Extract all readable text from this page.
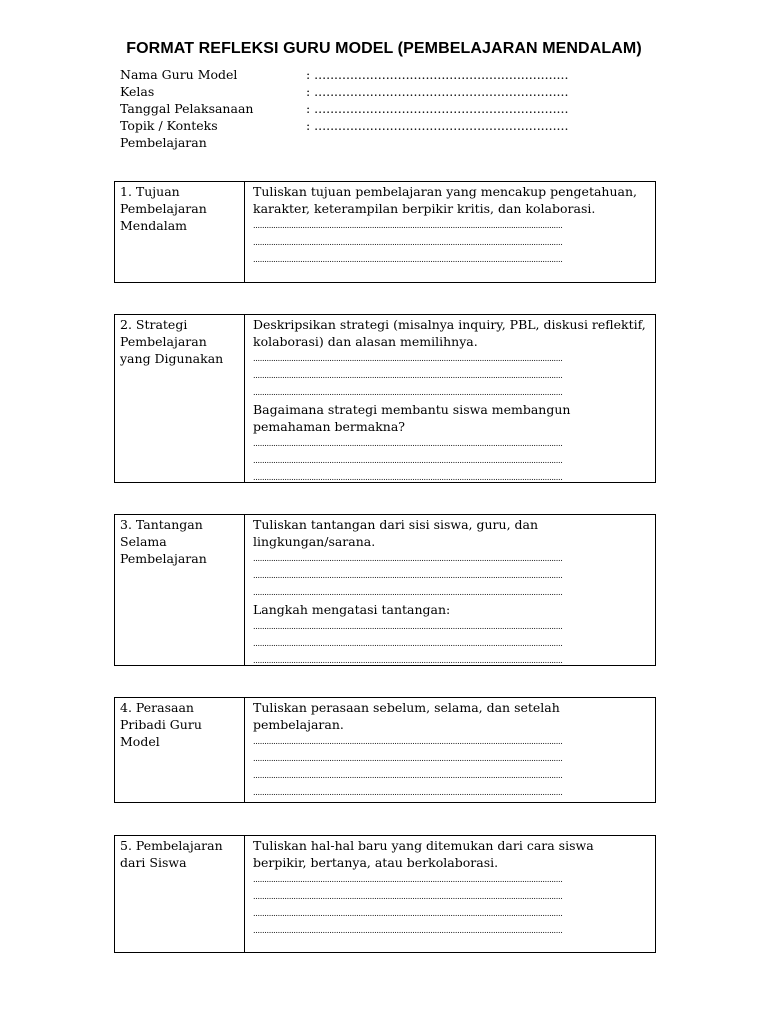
FORMAT REFLEKSI GURU MODEL (PEMBELAJARAN MENDALAM)
Nama Guru Model	: ................................................................
Kelas	: ................................................................
Tanggal Pelaksanaan	: ................................................................
Topik / Konteks	: ................................................................
Pembelajaran
1. Tujuan Pembelajaran Mendalam
Tuliskan tujuan pembelajaran yang mencakup pengetahuan, karakter, keterampilan berpikir kritis, dan kolaborasi.
..........................................................................................................................................
..........................................................................................................................................
..........................................................................................................................................
2. Strategi Pembelajaran yang Digunakan
Deskripsikan strategi (misalnya inquiry, PBL, diskusi reflektif, kolaborasi) dan alasan memilihnya.
..........................................................................................................................................
..........................................................................................................................................
..........................................................................................................................................
Bagaimana strategi membantu siswa membangun pemahaman bermakna?
..........................................................................................................................................
..........................................................................................................................................
..........................................................................................................................................
3. Tantangan Selama Pembelajaran
Tuliskan tantangan dari sisi siswa, guru, dan lingkungan/sarana.
..........................................................................................................................................
..........................................................................................................................................
..........................................................................................................................................
Langkah mengatasi tantangan:
..........................................................................................................................................
..........................................................................................................................................
..........................................................................................................................................
4. Perasaan Pribadi Guru Model
Tuliskan perasaan sebelum, selama, dan setelah pembelajaran.
..........................................................................................................................................
..........................................................................................................................................
..........................................................................................................................................
..........................................................................................................................................
5. Pembelajaran dari Siswa
Tuliskan hal-hal baru yang ditemukan dari cara siswa berpikir, bertanya, atau berkolaborasi.
..........................................................................................................................................
..........................................................................................................................................
..........................................................................................................................................
..........................................................................................................................................
